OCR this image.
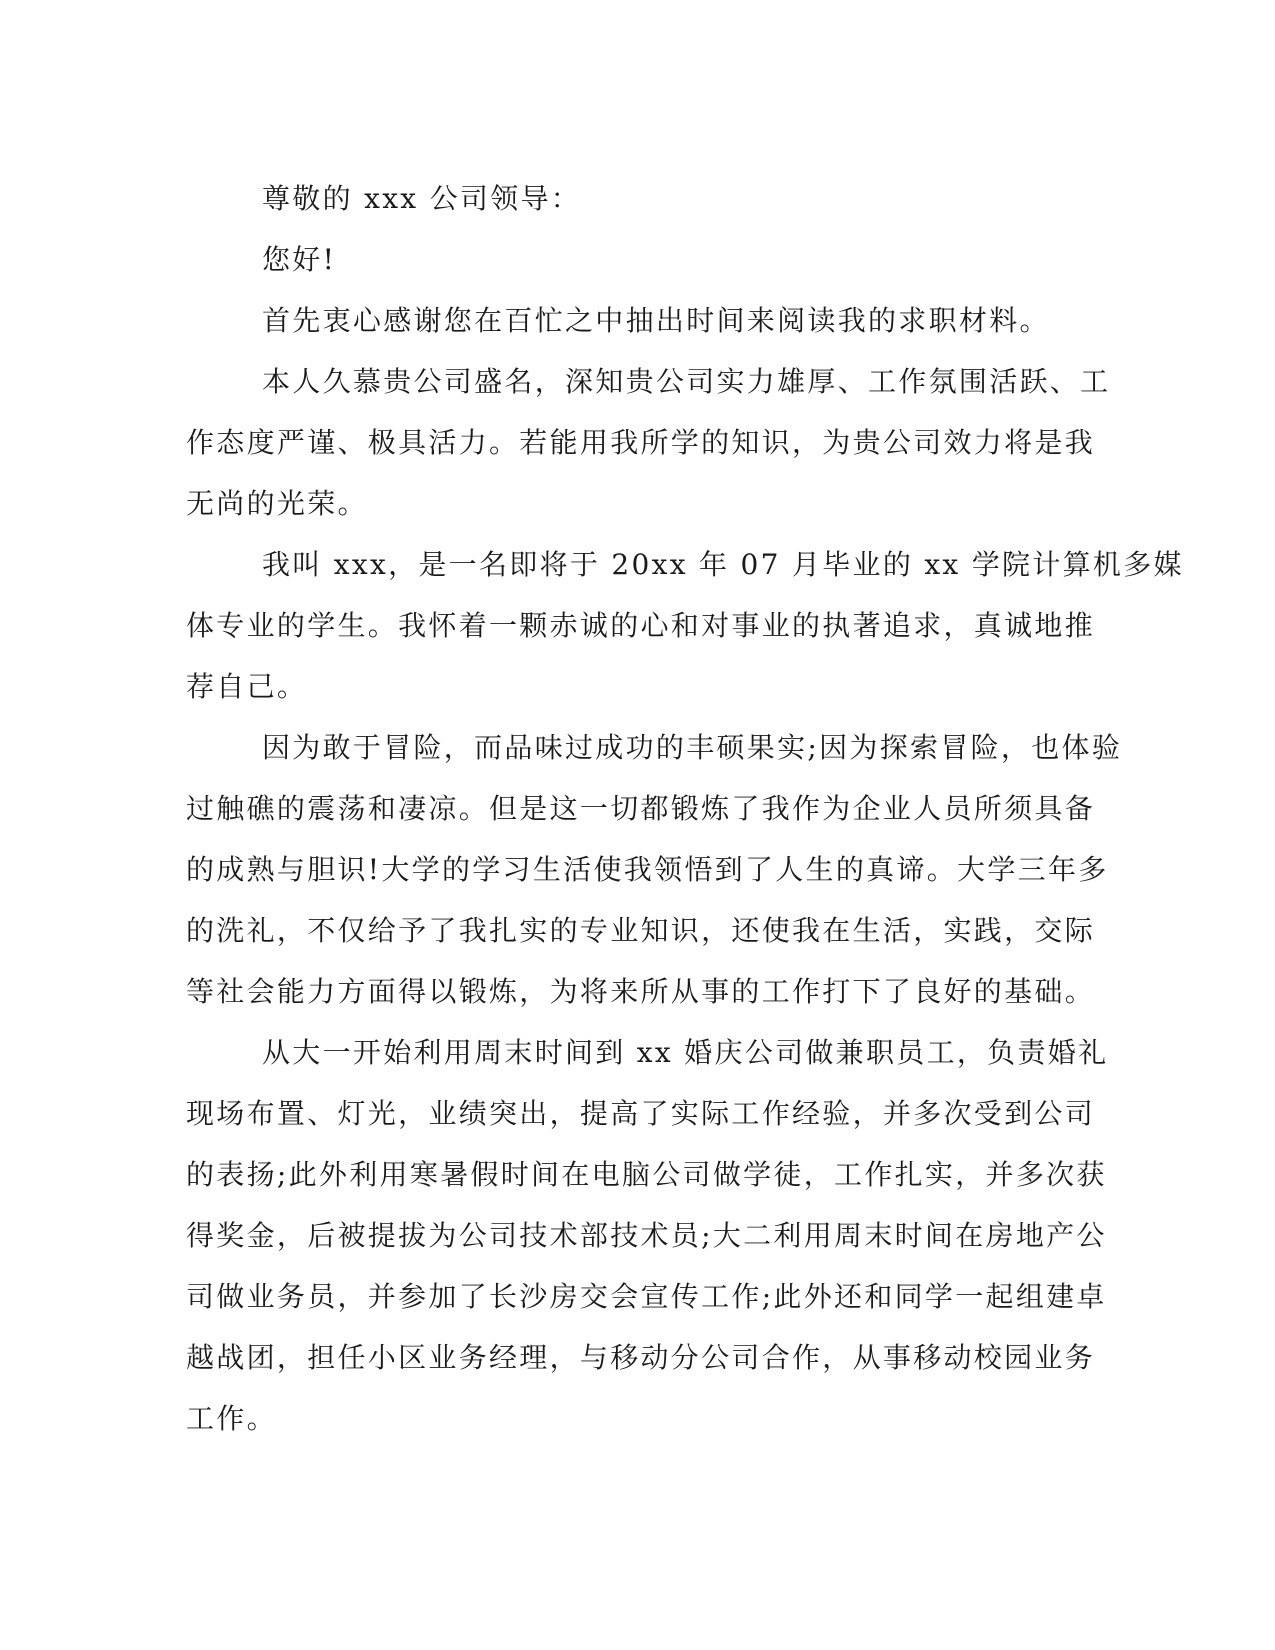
尊敬的 xxx 公司领导：
您好!
首先衷心感谢您在百忙之中抽出时间来阅读我的求职材料。
本人久慕贵公司盛名，深知贵公司实力雄厚、工作氛围活跃、工
作态度严谨、极具活力。若能用我所学的知识，为贵公司效力将是我
无尚的光荣。
我叫 xxx，是一名即将于 20xx 年 07 月毕业的 xx 学院计算机多媒
体专业的学生。我怀着一颗赤诚的心和对事业的执著追求，真诚地推
荐自己。
因为敢于冒险，而品味过成功的丰硕果实;因为探索冒险，也体验
过触礁的震荡和凄凉。但是这一切都锻炼了我作为企业人员所须具备
的成熟与胆识!大学的学习生活使我领悟到了人生的真谛。大学三年多
的洗礼，不仅给予了我扎实的专业知识，还使我在生活，实践，交际
等社会能力方面得以锻炼，为将来所从事的工作打下了良好的基础。
从大一开始利用周末时间到 xx 婚庆公司做兼职员工，负责婚礼
现场布置、灯光，业绩突出，提高了实际工作经验，并多次受到公司
的表扬;此外利用寒暑假时间在电脑公司做学徒，工作扎实，并多次获
得奖金，后被提拔为公司技术部技术员;大二利用周末时间在房地产公
司做业务员，并参加了长沙房交会宣传工作;此外还和同学一起组建卓
越战团，担任小区业务经理，与移动分公司合作，从事移动校园业务
工作。
